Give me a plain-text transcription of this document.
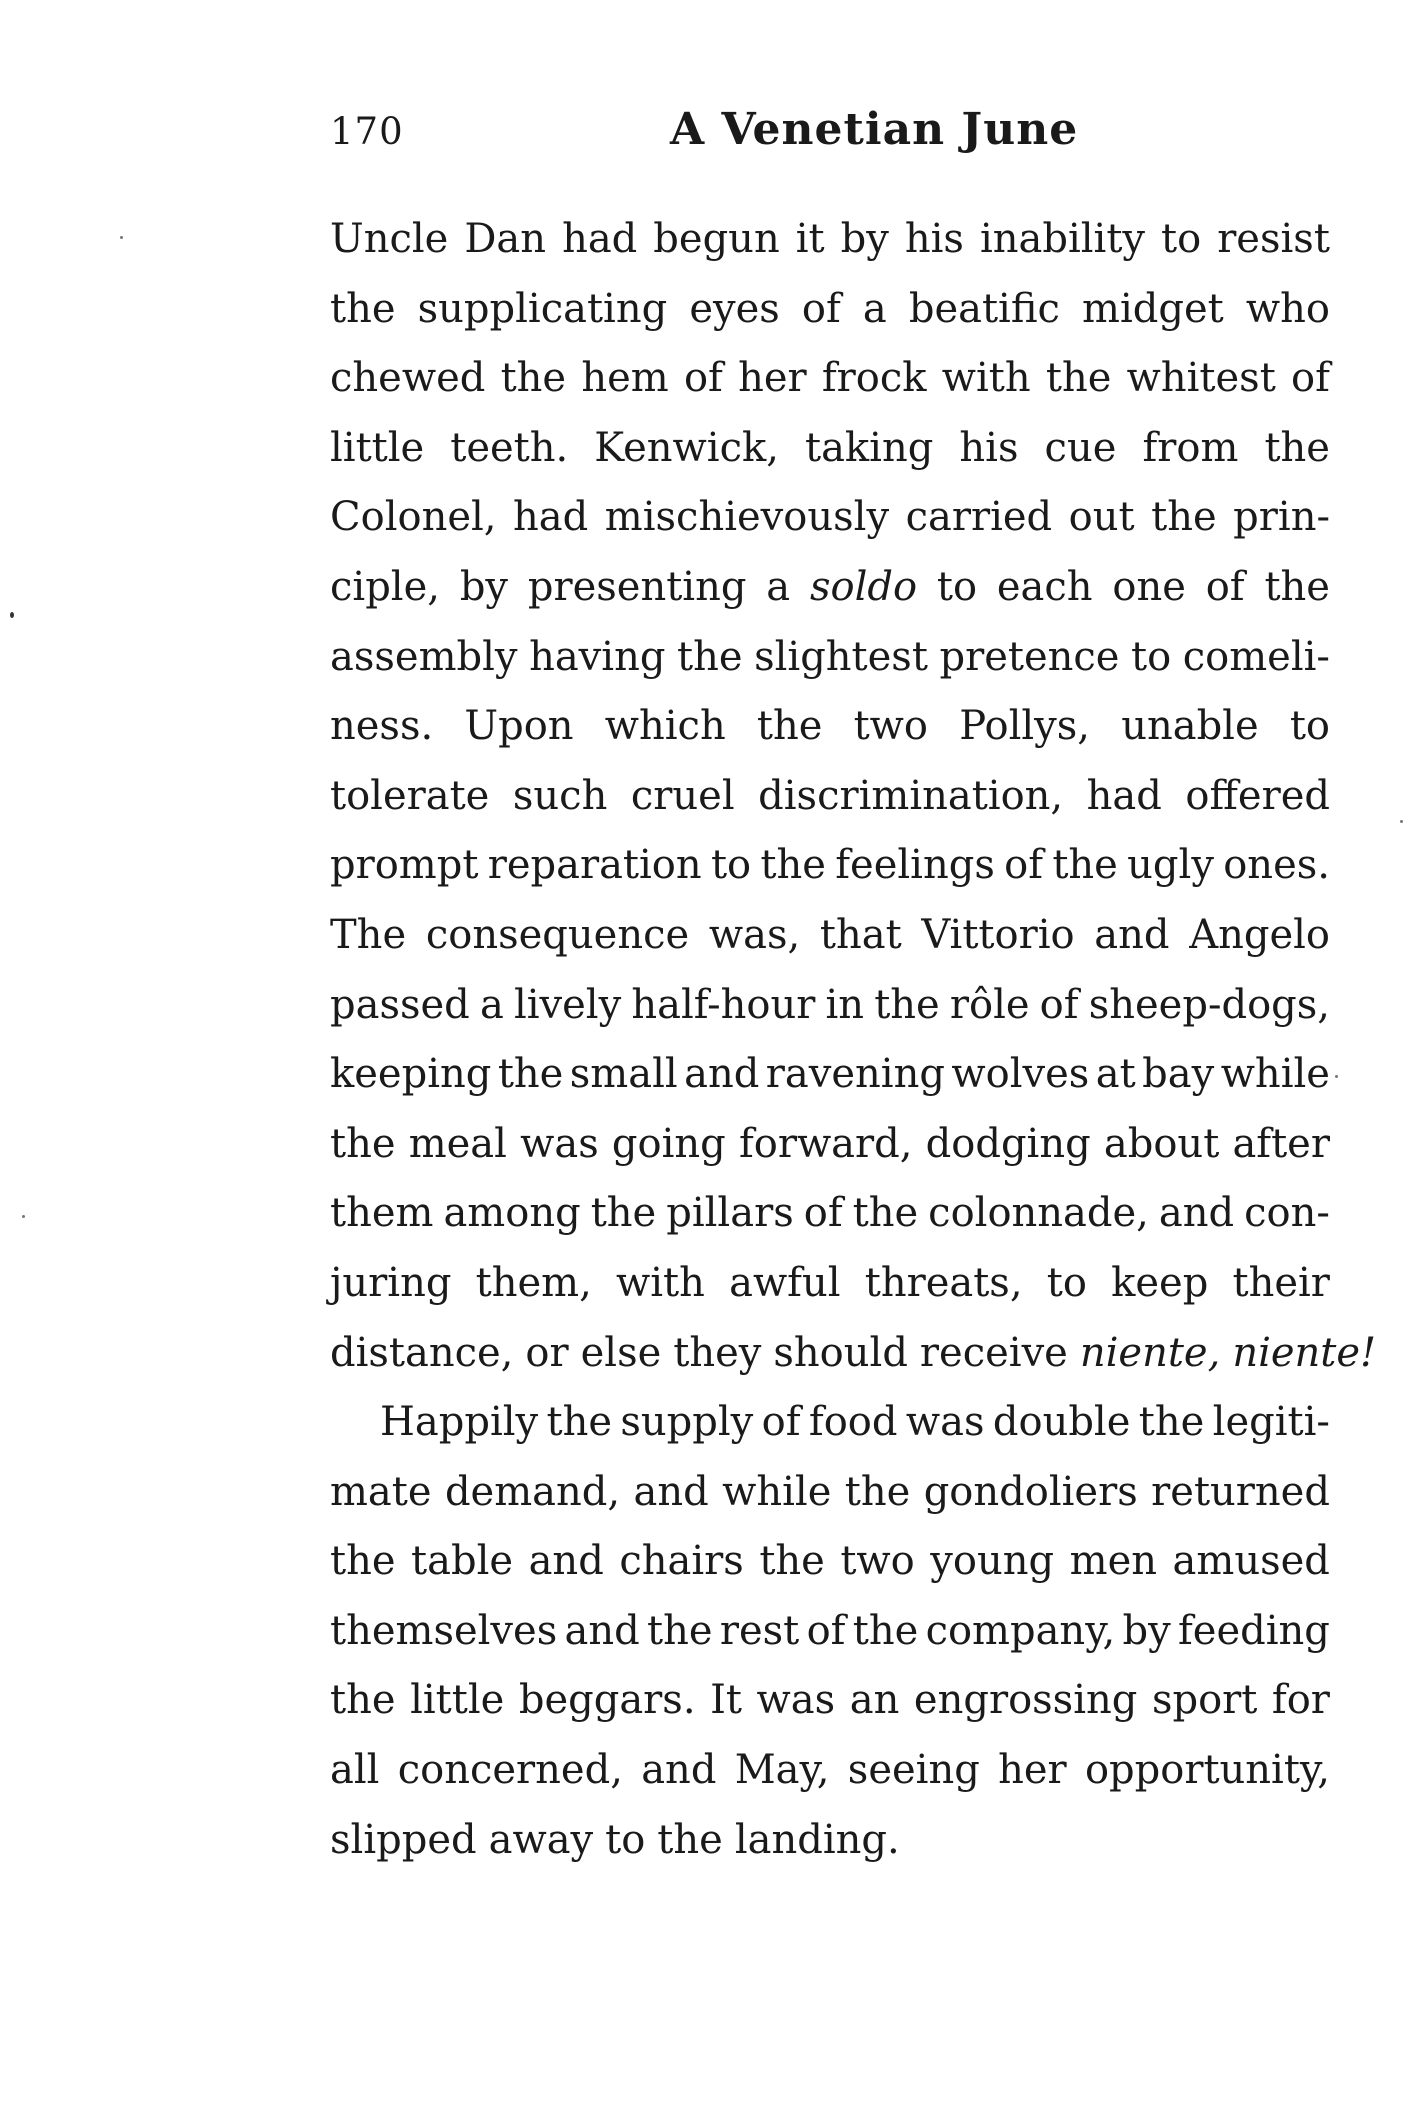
170	A Venetian June
Uncle Dan had begun it by his inability to resist
the supplicating eyes of a beatific midget who
chewed the hem of her frock with the whitest of
little teeth. Kenwick, taking his cue from the
Colonel, had mischievously carried out the prin-
ciple, by presenting a soldo to each one of the
assembly having the slightest pretence to comeli-
ness. Upon which the two Pollys, unable to
tolerate such cruel discrimination, had offered
prompt reparation to the feelings of the ugly ones.
The consequence was, that Vittorio and Angelo
passed a lively half-hour in the rôle of sheep-dogs,
keeping the small and ravening wolves at bay while
the meal was going forward, dodging about after
them among the pillars of the colonnade, and con-
juring them, with awful threats, to keep their
distance, or else they should receive niente, niente!
Happily the supply of food was double the legiti-
mate demand, and while the gondoliers returned
the table and chairs the two young men amused
themselves and the rest of the company, by feeding
the little beggars. It was an engrossing sport for
all concerned, and May, seeing her opportunity,
slipped away to the landing.
